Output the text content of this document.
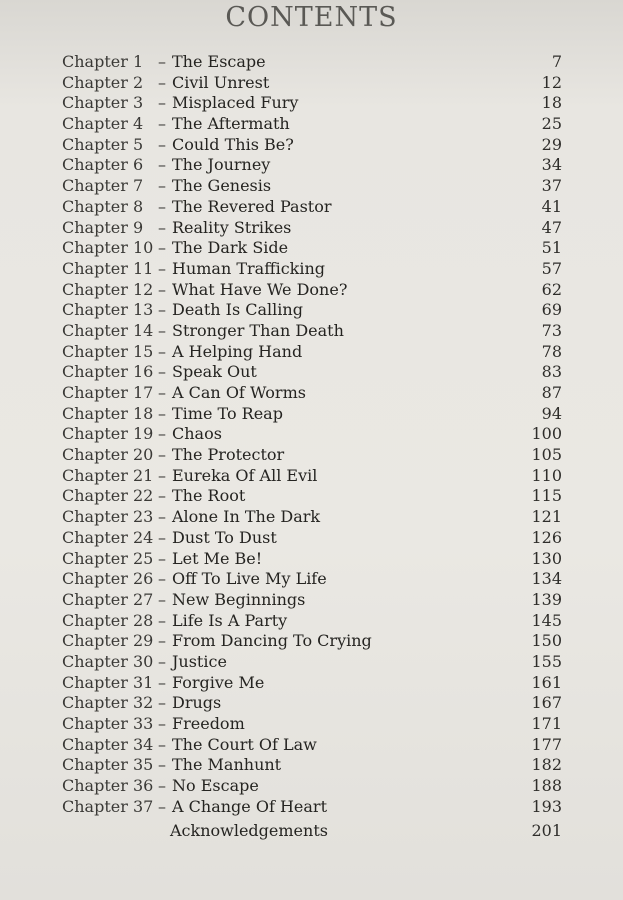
CONTENTS
Chapter 1 – The Escape	7
Chapter 2 – Civil Unrest	12
Chapter 3 – Misplaced Fury	18
Chapter 4 – The Aftermath	25
Chapter 5 – Could This Be?	29
Chapter 6 – The Journey	34
Chapter 7 – The Genesis	37
Chapter 8 – The Revered Pastor	41
Chapter 9 – Reality Strikes	47
Chapter 10 – The Dark Side	51
Chapter 11 – Human Trafficking	57
Chapter 12 – What Have We Done?	62
Chapter 13 – Death Is Calling	69
Chapter 14 – Stronger Than Death	73
Chapter 15 – A Helping Hand	78
Chapter 16 – Speak Out	83
Chapter 17 – A Can Of Worms	87
Chapter 18 – Time To Reap	94
Chapter 19 – Chaos	100
Chapter 20 – The Protector	105
Chapter 21 – Eureka Of All Evil	110
Chapter 22 – The Root	115
Chapter 23 – Alone In The Dark	121
Chapter 24 – Dust To Dust	126
Chapter 25 – Let Me Be!	130
Chapter 26 – Off To Live My Life	134
Chapter 27 – New Beginnings	139
Chapter 28 – Life Is A Party	145
Chapter 29 – From Dancing To Crying	150
Chapter 30 – Justice	155
Chapter 31 – Forgive Me	161
Chapter 32 – Drugs	167
Chapter 33 – Freedom	171
Chapter 34 – The Court Of Law	177
Chapter 35 – The Manhunt	182
Chapter 36 – No Escape	188
Chapter 37 – A Change Of Heart	193
Acknowledgements	201
